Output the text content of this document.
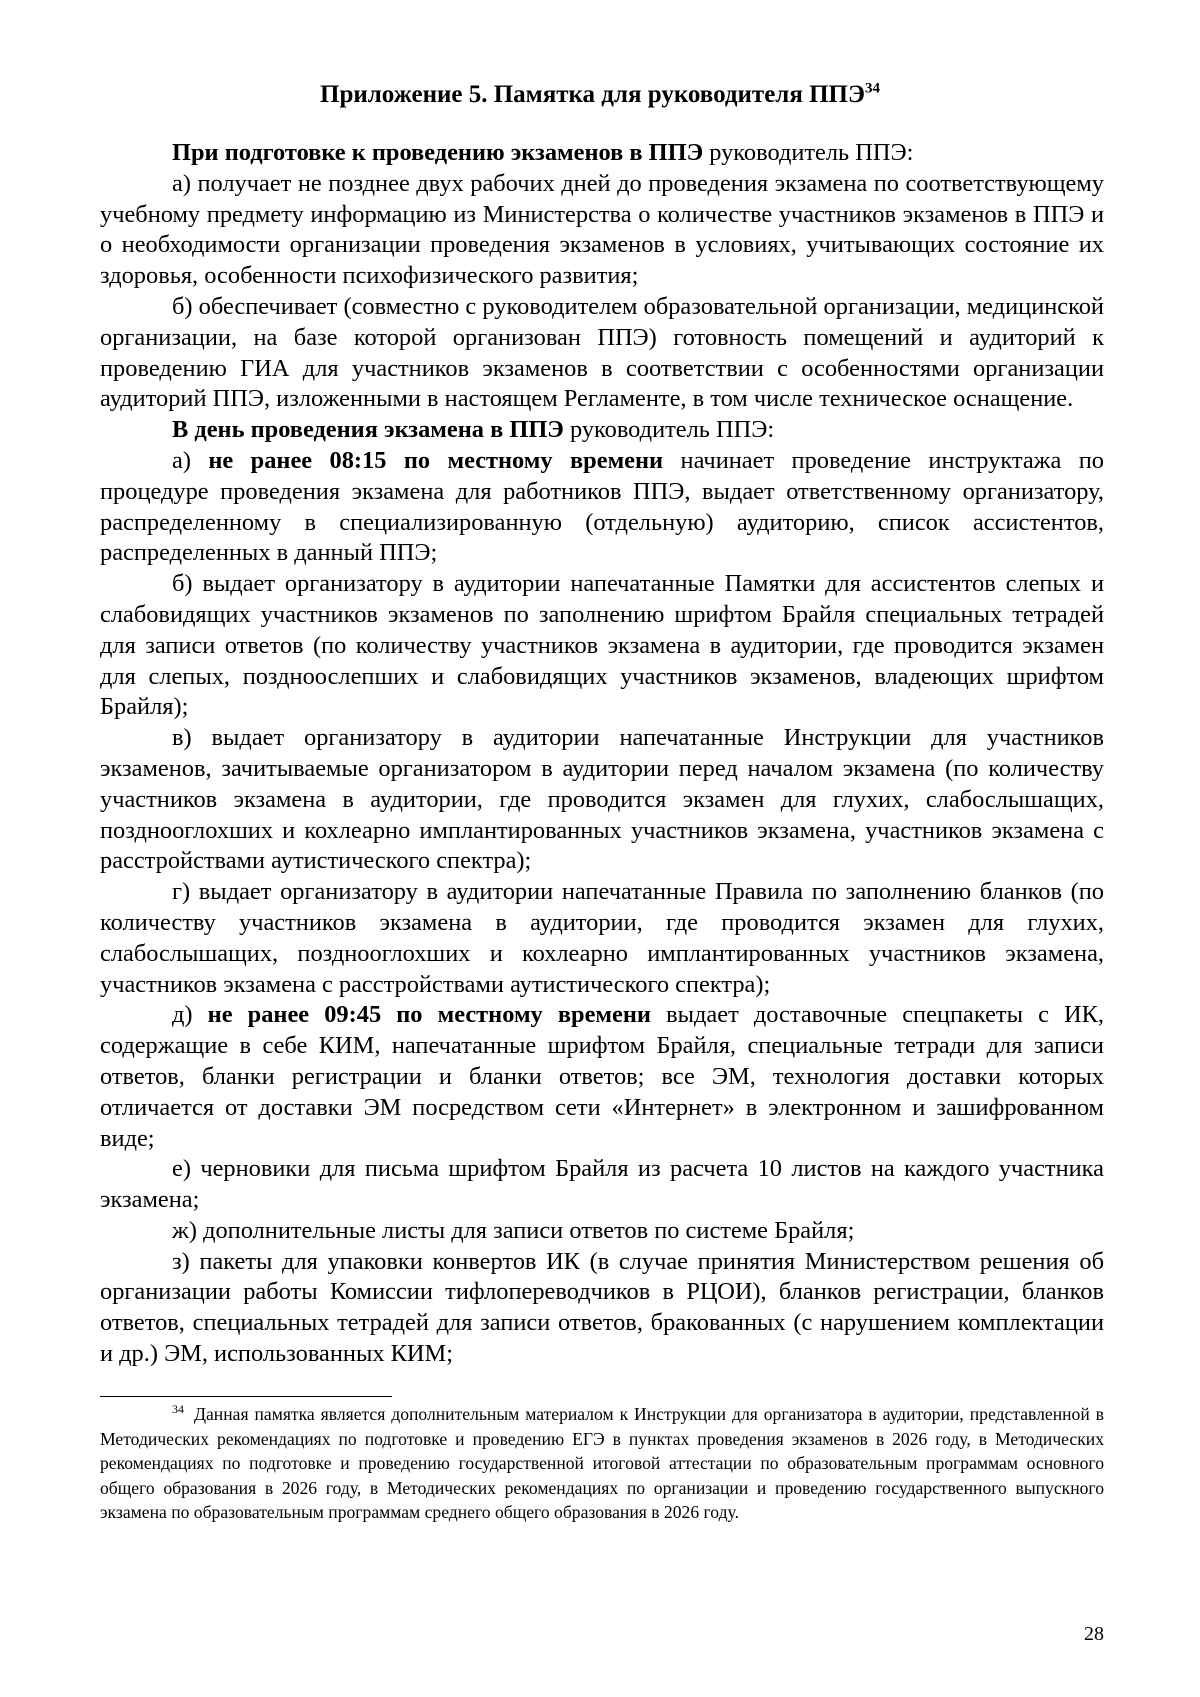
Приложение 5. Памятка для руководителя ППЭ$^{34}$

При подготовке к проведению экзаменов в ППЭ руководитель ППЭ:

а) получает не позднее двух рабочих дней до проведения экзамена по соответствующему учебному предмету информацию из Министерства о количестве участников экзаменов в ППЭ и о необходимости организации проведения экзаменов в условиях, учитывающих состояние их здоровья, особенности психофизического развития;

б) обеспечивает (совместно с руководителем образовательной организации, медицинской организации, на базе которой организован ППЭ) готовность помещений и аудиторий к проведению ГИА для участников экзаменов в соответствии с особенностями организации аудиторий ППЭ, изложенными в настоящем Регламенте, в том числе техническое оснащение.

В день проведения экзамена в ППЭ руководитель ППЭ:

а) не ранее 08:15 по местному времени начинает проведение инструктажа по процедуре проведения экзамена для работников ППЭ, выдает ответственному организатору, распределенному в специализированную (отдельную) аудиторию, список ассистентов, распределенных в данный ППЭ;

б) выдает организатору в аудитории напечатанные Памятки для ассистентов слепых и слабовидящих участников экзаменов по заполнению шрифтом Брайля специальных тетрадей для записи ответов (по количеству участников экзамена в аудитории, где проводится экзамен для слепых, поздноослепших и слабовидящих участников экзаменов, владеющих шрифтом Брайля);

в) выдает организатору в аудитории напечатанные Инструкции для участников экзаменов, зачитываемые организатором в аудитории перед началом экзамена (по количеству участников экзамена в аудитории, где проводится экзамен для глухих, слабослышащих, позднооглохших и кохлеарно имплантированных участников экзамена, участников экзамена с расстройствами аутистического спектра);

г) выдает организатору в аудитории напечатанные Правила по заполнению бланков (по количеству участников экзамена в аудитории, где проводится экзамен для глухих, слабослышащих, позднооглохших и кохлеарно имплантированных участников экзамена, участников экзамена с расстройствами аутистического спектра);

д) не ранее 09:45 по местному времени выдает доставочные спецпакеты с ИК, содержащие в себе КИМ, напечатанные шрифтом Брайля, специальные тетради для записи ответов, бланки регистрации и бланки ответов; все ЭМ, технология доставки которых отличается от доставки ЭМ посредством сети «Интернет» в электронном и зашифрованном виде;

е) черновики для письма шрифтом Брайля из расчета 10 листов на каждого участника экзамена;

ж) дополнительные листы для записи ответов по системе Брайля;

з) пакеты для упаковки конвертов ИК (в случае принятия Министерством решения об организации работы Комиссии тифлопереводчиков в РЦОИ), бланков регистрации, бланков ответов, специальных тетрадей для записи ответов, бракованных (с нарушением комплектации и др.) ЭМ, использованных КИМ;

$^{34}$ Данная памятка является дополнительным материалом к Инструкции для организатора в аудитории, представленной в Методических рекомендациях по подготовке и проведению ЕГЭ в пунктах проведения экзаменов в 2026 году, в Методических рекомендациях по подготовке и проведению государственной итоговой аттестации по образовательным программам основного общего образования в 2026 году, в Методических рекомендациях по организации и проведению государственного выпускного экзамена по образовательным программам среднего общего образования в 2026 году.

28
